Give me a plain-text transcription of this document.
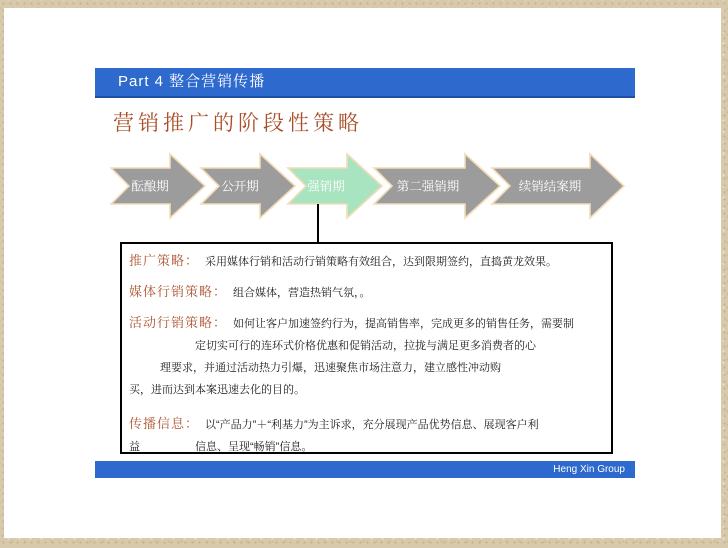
Part 4 整合营销传播
营销推广的阶段性策略
酝酿期	公开期	强销期	第二强销期	续销结案期
推广策略： 采用媒体行销和活动行销策略有效组合，达到限期签约，直捣黄龙效果。
媒体行销策略： 组合媒体，营造热销气氛，。
活动行销策略： 如何让客户加速签约行为，提高销售率，完成更多的销售任务，需要制
定切实可行的连环式价格优惠和促销活动，拉拢与满足更多消费者的心
理要求，并通过活动热力引爆，迅速聚焦市场注意力，建立感性冲动购
买，进而达到本案迅速去化的目的。
传播信息： 以“产品力”＋“利基力”为主诉求，充分展现产品优势信息、展现客户利
益　　　　　信息、呈现“畅销”信息。
Heng Xin Group
